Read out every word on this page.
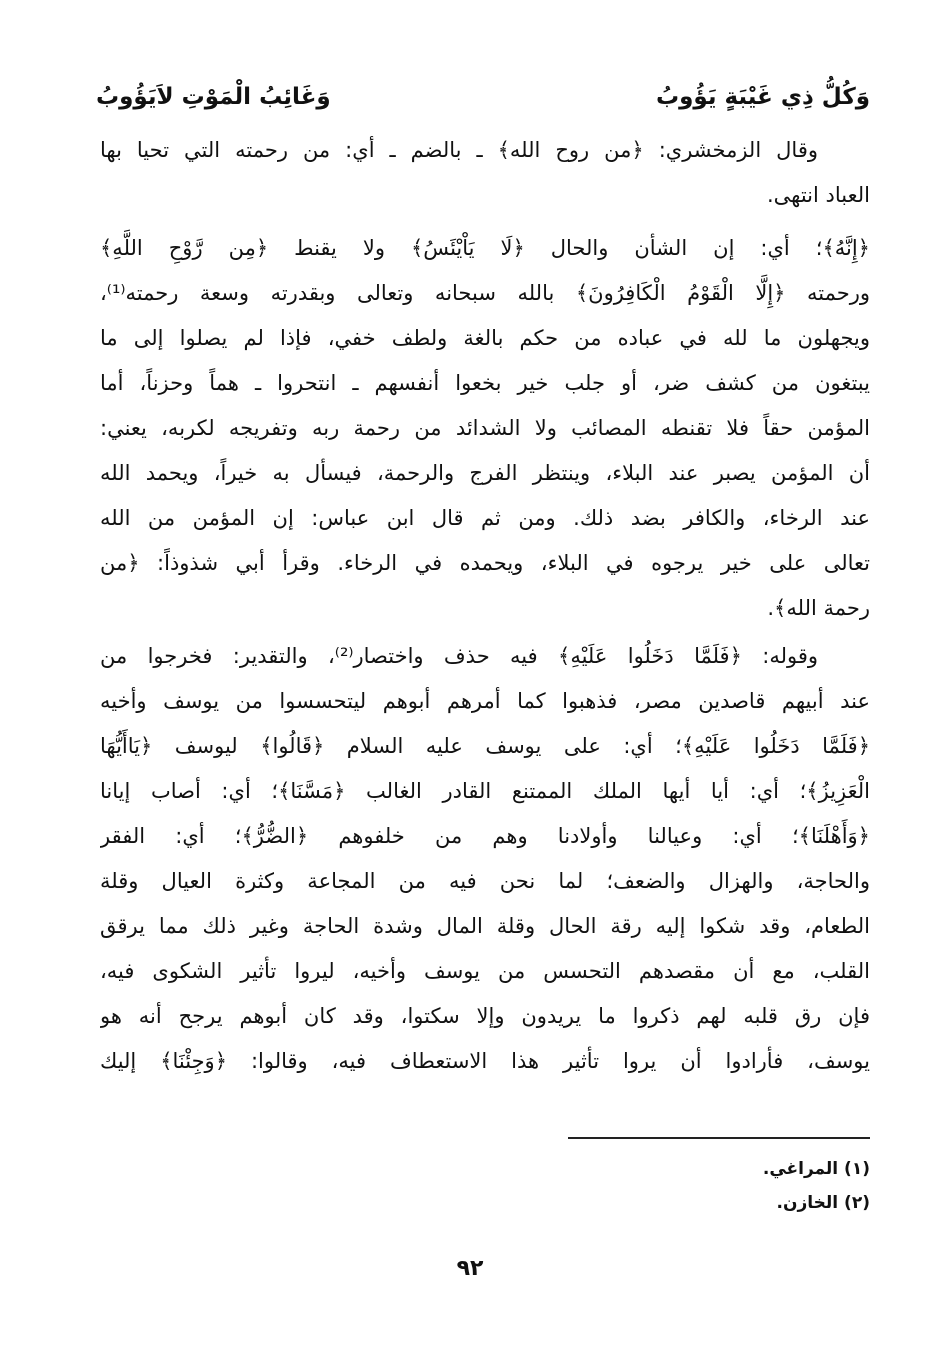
وَكُلُّ ذِي غَيْبَةٍ يَؤُوبُ
وَغَائِبُ الْمَوْتِ لاَيَؤُوبُ
وقال الزمخشري: ﴿من روح الله﴾ ـ بالضم ـ أي: من رحمته التي تحيا بها
العباد انتهى.
﴿إِنَّهُ﴾؛ أي: إن الشأن والحال ﴿لَا يَاْيْئَسُ﴾ ولا يقنط ﴿مِن رَّوْحِ اللَّهِ﴾
ورحمته ﴿إِلَّا الْقَوْمُ الْكَافِرُونَ﴾ بالله سبحانه وتعالى وبقدرته وسعة رحمته⁽¹⁾،
ويجهلون ما لله في عباده من حكم بالغة ولطف خفي، فإذا لم يصلوا إلى ما
يبتغون من كشف ضر، أو جلب خير بخعوا أنفسهم ـ انتحروا ـ هماً وحزناً، أما
المؤمن حقاً فلا تقنطه المصائب ولا الشدائد من رحمة ربه وتفريجه لكربه، يعني:
أن المؤمن يصبر عند البلاء، وينتظر الفرج والرحمة، فيسأل به خيراً، ويحمد الله
عند الرخاء، والكافر بضد ذلك. ومن ثم قال ابن عباس: إن المؤمن من الله
تعالى على خير يرجوه في البلاء، ويحمده في الرخاء. وقرأ أبي شذوذاً: ﴿من
رحمة الله﴾.
وقوله: ﴿فَلَمَّا دَخَلُوا عَلَيْهِ﴾ فيه حذف واختصار⁽²⁾، والتقدير: فخرجوا من
عند أبيهم قاصدين مصر، فذهبوا كما أمرهم أبوهم ليتحسسوا من يوسف وأخيه
﴿فَلَمَّا دَخَلُوا عَلَيْهِ﴾؛ أي: على يوسف عليه السلام ﴿قَالُوا﴾ ليوسف ﴿يَاأَيُّهَا
الْعَزِيزُ﴾؛ أي: أيا أيها الملك الممتنع القادر الغالب ﴿مَسَّنَا﴾؛ أي: أصاب إيانا
﴿وَأَهْلَنَا﴾؛ أي: وعيالنا وأولادنا وهم من خلفوهم ﴿الضُّرُّ﴾؛ أي: الفقر
والحاجة، والهزال والضعف؛ لما نحن فيه من المجاعة وكثرة العيال وقلة
الطعام، وقد شكوا إليه رقة الحال وقلة المال وشدة الحاجة وغير ذلك مما يرقق
القلب، مع أن مقصدهم التحسس من يوسف وأخيه، ليروا تأثير الشكوى فيه،
فإن رق قلبه لهم ذكروا ما يريدون وإلا سكتوا، وقد كان أبوهم يرجح أنه هو
يوسف، فأرادوا أن يروا تأثير هذا الاستعطاف فيه، وقالوا: ﴿وَجِئْنَا﴾ إليك
(١) المراغي.
(٢) الخازن.
٩٢
